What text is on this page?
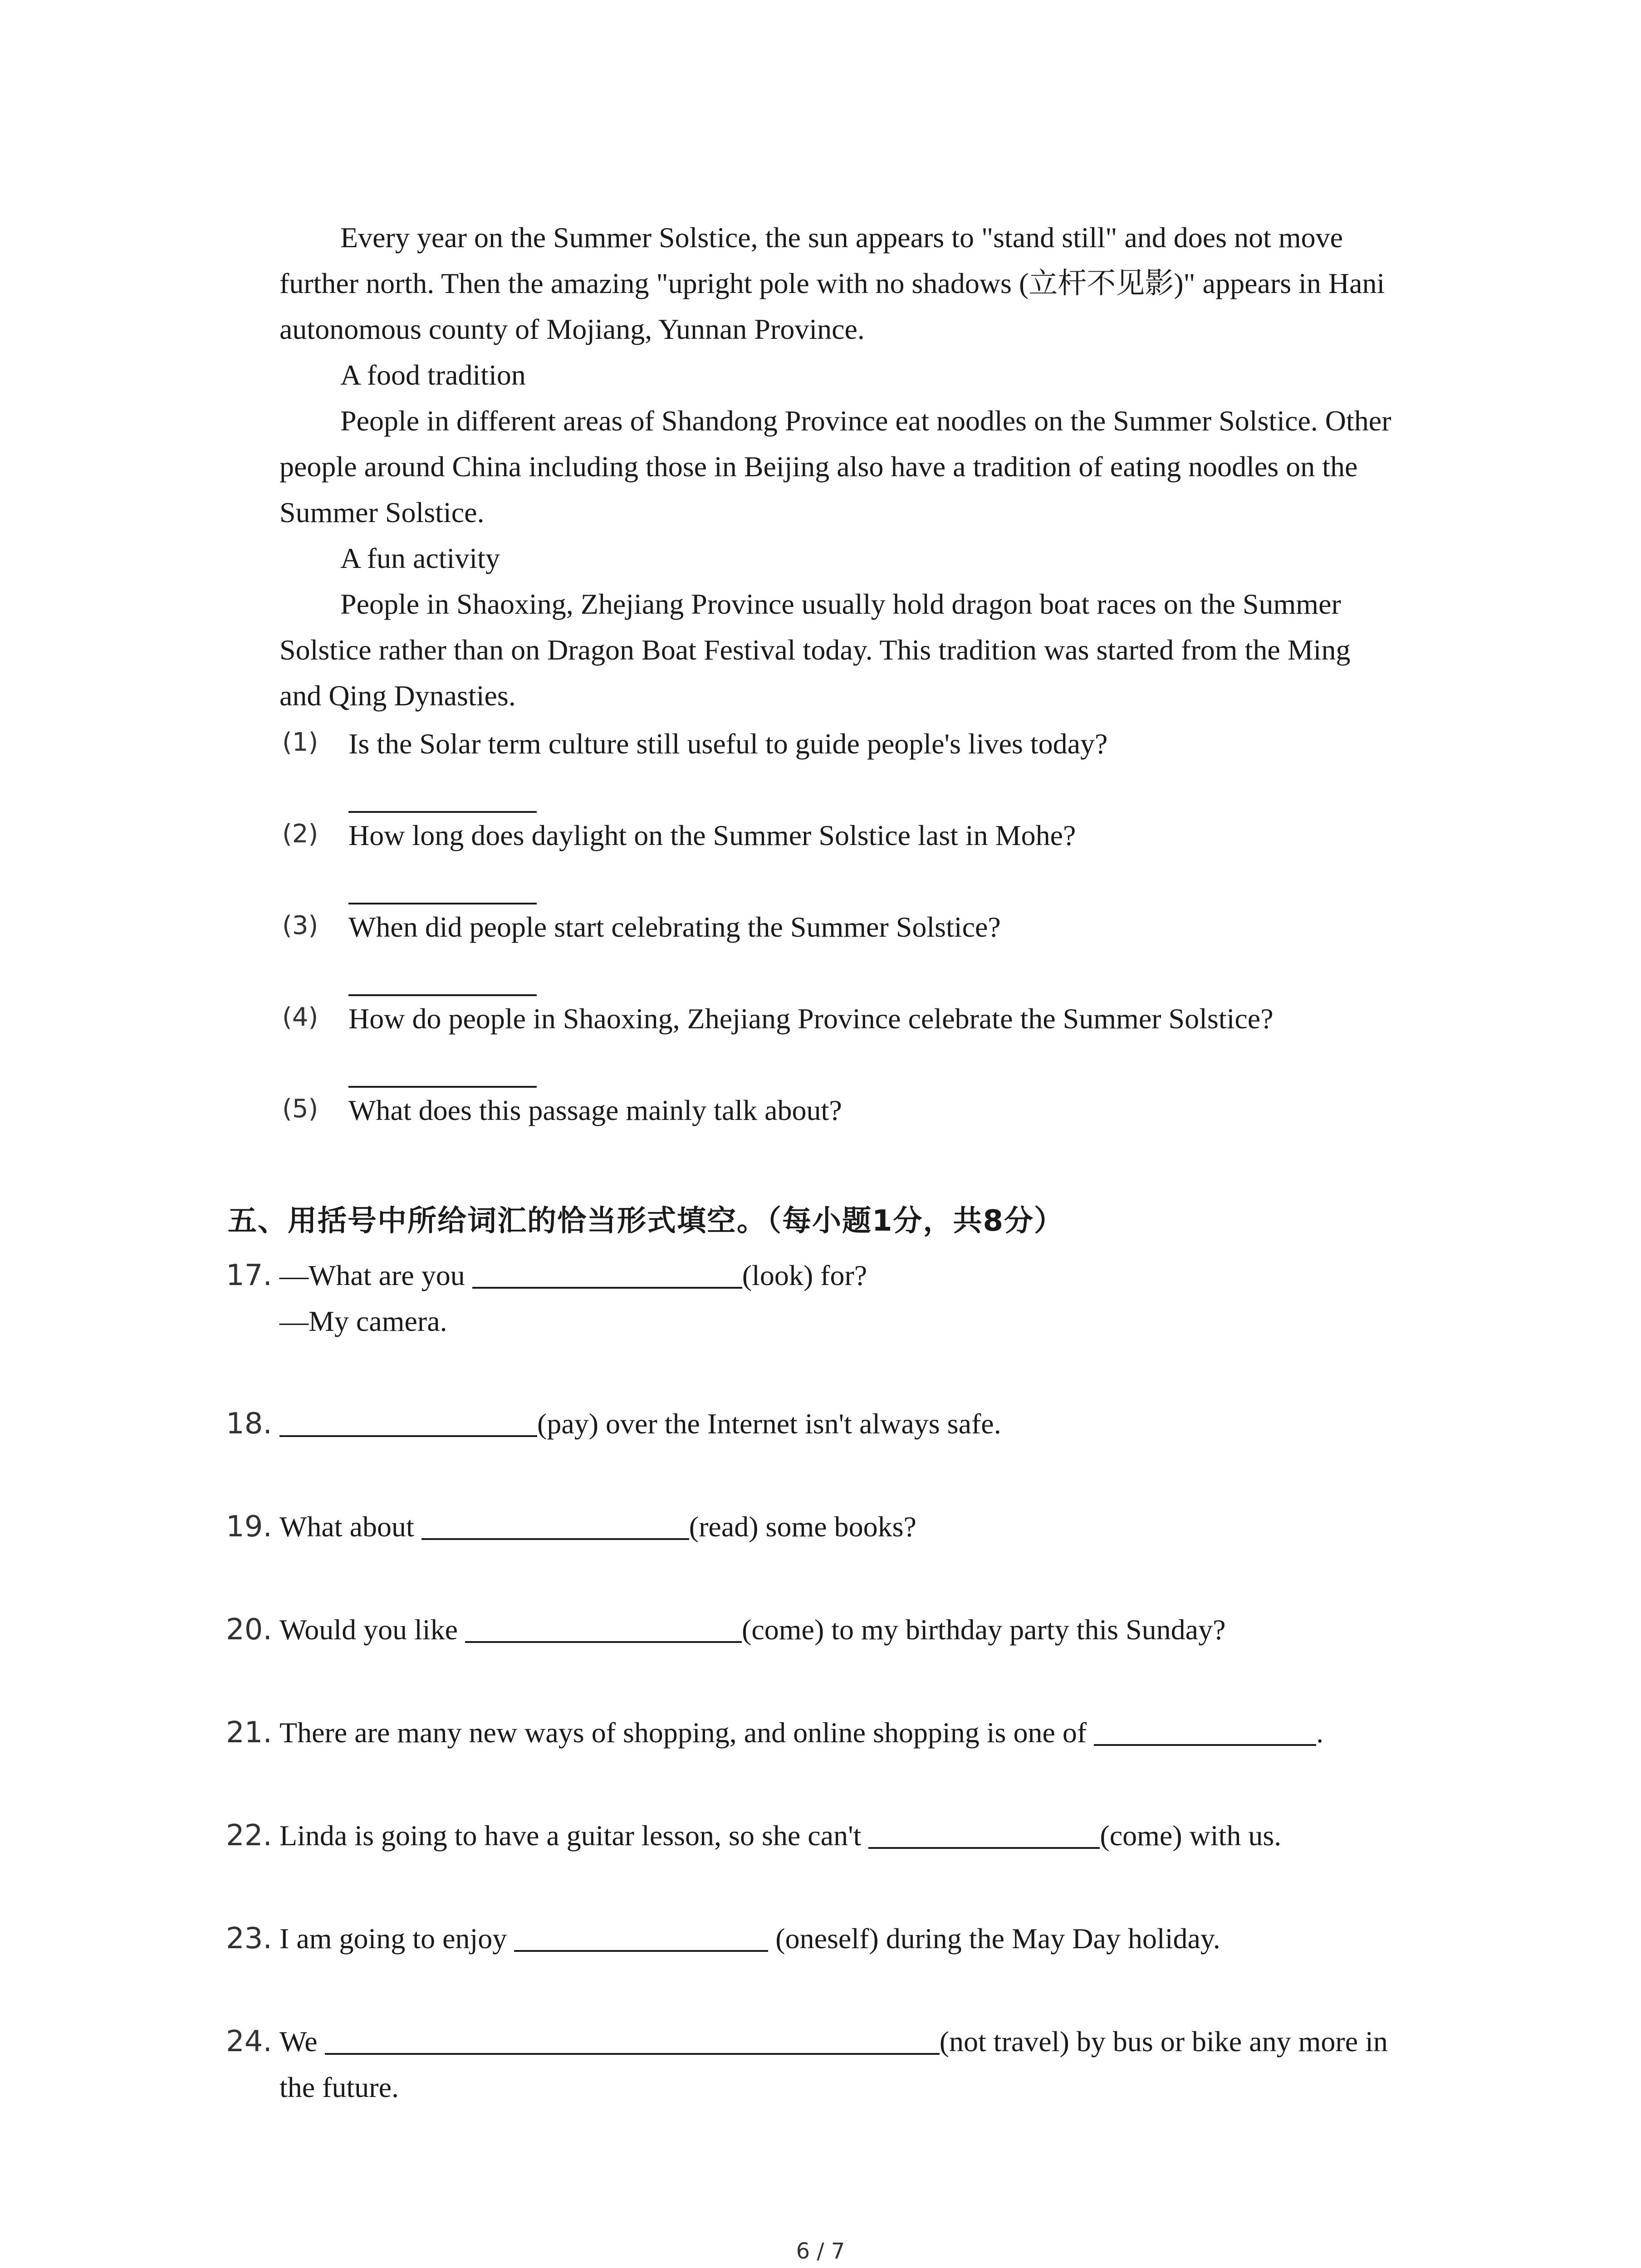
Every year on the Summer Solstice, the sun appears to "stand still" and does not move
further north. Then the amazing "upright pole with no shadows (立杆不见影)" appears in Hani
autonomous county of Mojiang, Yunnan Province.
A food tradition
People in different areas of Shandong Province eat noodles on the Summer Solstice. Other
people around China including those in Beijing also have a tradition of eating noodles on the
Summer Solstice.
A fun activity
People in Shaoxing, Zhejiang Province usually hold dragon boat races on the Summer
Solstice rather than on Dragon Boat Festival today. This tradition was started from the Ming
and Qing Dynasties.
(1) Is the Solar term culture still useful to guide people's lives today?
(2) How long does daylight on the Summer Solstice last in Mohe?
(3) When did people start celebrating the Summer Solstice?
(4) How do people in Shaoxing, Zhejiang Province celebrate the Summer Solstice?
(5) What does this passage mainly talk about?
五、用括号中所给词汇的恰当形式填空。（每小题1分，共8分）
17. —What are you	(look) for?
—My camera.
18.	(pay) over the Internet isn't always safe.
19. What about	(read) some books?
20. Would you like	(come) to my birthday party this Sunday?
21. There are many new ways of shopping, and online shopping is one of	.
22. Linda is going to have a guitar lesson, so she can't	(come) with us.
23. I am going to enjoy	(oneself) during the May Day holiday.
24. We	(not travel) by bus or bike any more in
the future.
6 / 7
